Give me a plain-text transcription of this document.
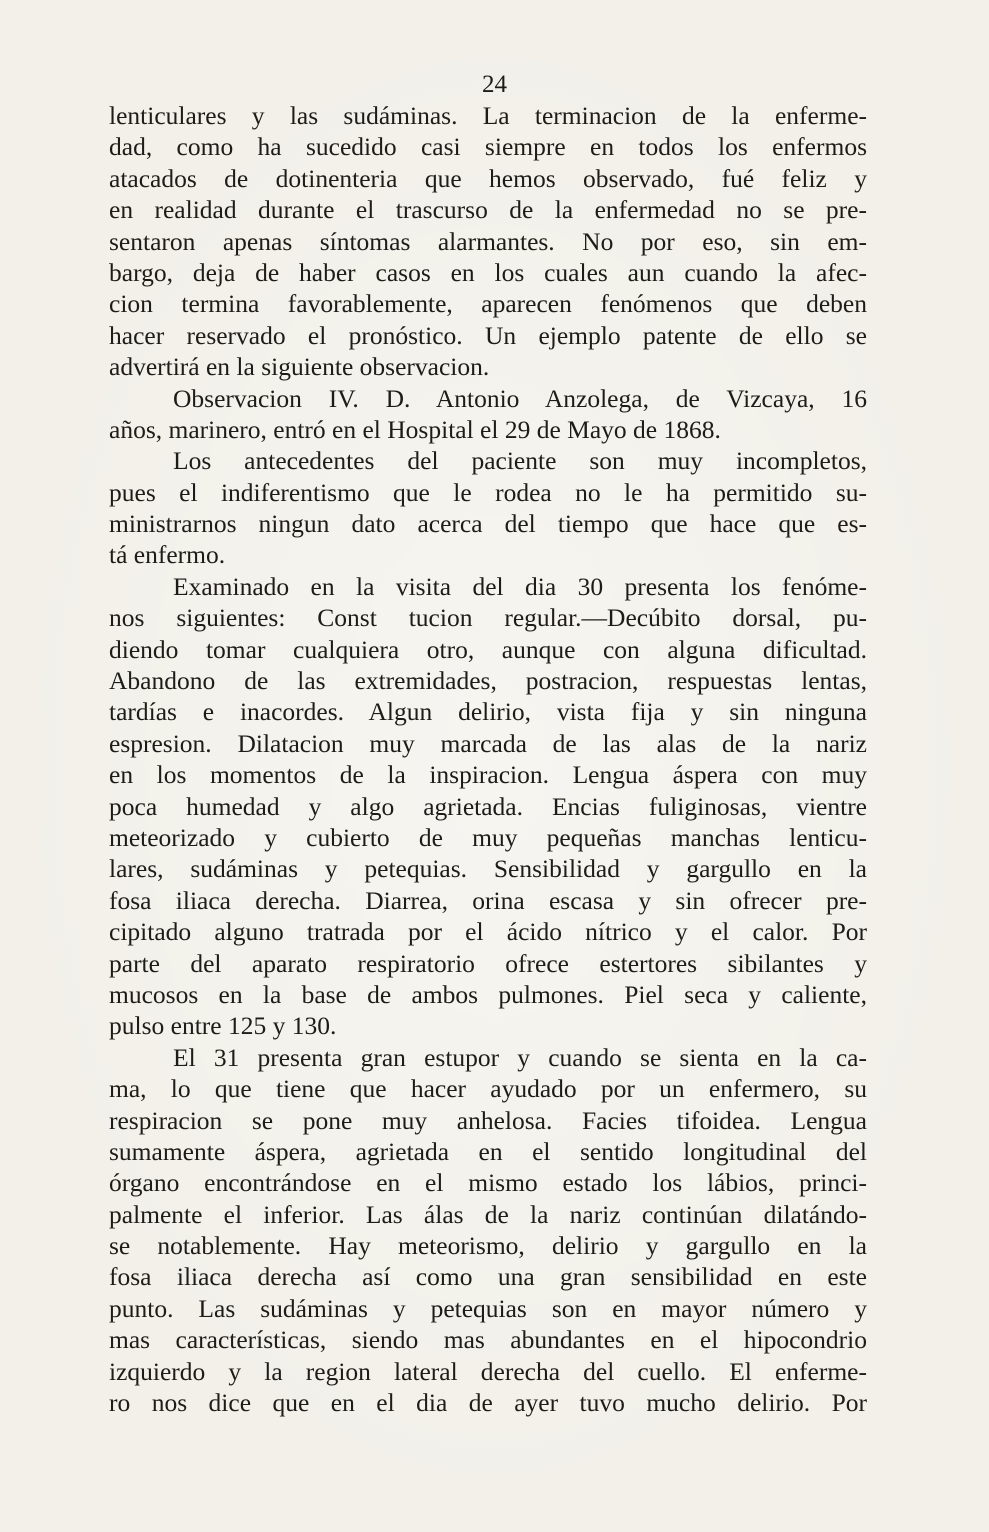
24
lenticulares y las sudáminas. La terminacion de la enferme-
dad, como ha sucedido casi siempre en todos los enfermos
atacados de dotinenteria que hemos observado, fué feliz y
en realidad durante el trascurso de la enfermedad no se pre-
sentaron apenas síntomas alarmantes. No por eso, sin em-
bargo, deja de haber casos en los cuales aun cuando la afec-
cion termina favorablemente, aparecen fenómenos que deben
hacer reservado el pronóstico. Un ejemplo patente de ello se
advertirá en la siguiente observacion.
Observacion IV. D. Antonio Anzolega, de Vizcaya, 16
años, marinero, entró en el Hospital el 29 de Mayo de 1868.
Los antecedentes del paciente son muy incompletos,
pues el indiferentismo que le rodea no le ha permitido su-
ministrarnos ningun dato acerca del tiempo que hace que es-
tá enfermo.
Examinado en la visita del dia 30 presenta los fenóme-
nos siguientes: Const tucion regular.—Decúbito dorsal, pu-
diendo tomar cualquiera otro, aunque con alguna dificultad.
Abandono de las extremidades, postracion, respuestas lentas,
tardías e inacordes. Algun delirio, vista fija y sin ninguna
espresion. Dilatacion muy marcada de las alas de la nariz
en los momentos de la inspiracion. Lengua áspera con muy
poca humedad y algo agrietada. Encias fuliginosas, vientre
meteorizado y cubierto de muy pequeñas manchas lenticu-
lares, sudáminas y petequias. Sensibilidad y gargullo en la
fosa iliaca derecha. Diarrea, orina escasa y sin ofrecer pre-
cipitado alguno tratrada por el ácido nítrico y el calor. Por
parte del aparato respiratorio ofrece estertores sibilantes y
mucosos en la base de ambos pulmones. Piel seca y caliente,
pulso entre 125 y 130.
El 31 presenta gran estupor y cuando se sienta en la ca-
ma, lo que tiene que hacer ayudado por un enfermero, su
respiracion se pone muy anhelosa. Facies tifoidea. Lengua
sumamente áspera, agrietada en el sentido longitudinal del
órgano encontrándose en el mismo estado los lábios, princi-
palmente el inferior. Las álas de la nariz continúan dilatándo-
se notablemente. Hay meteorismo, delirio y gargullo en la
fosa iliaca derecha así como una gran sensibilidad en este
punto. Las sudáminas y petequias son en mayor número y
mas características, siendo mas abundantes en el hipocondrio
izquierdo y la region lateral derecha del cuello. El enferme-
ro nos dice que en el dia de ayer tuvo mucho delirio. Por
